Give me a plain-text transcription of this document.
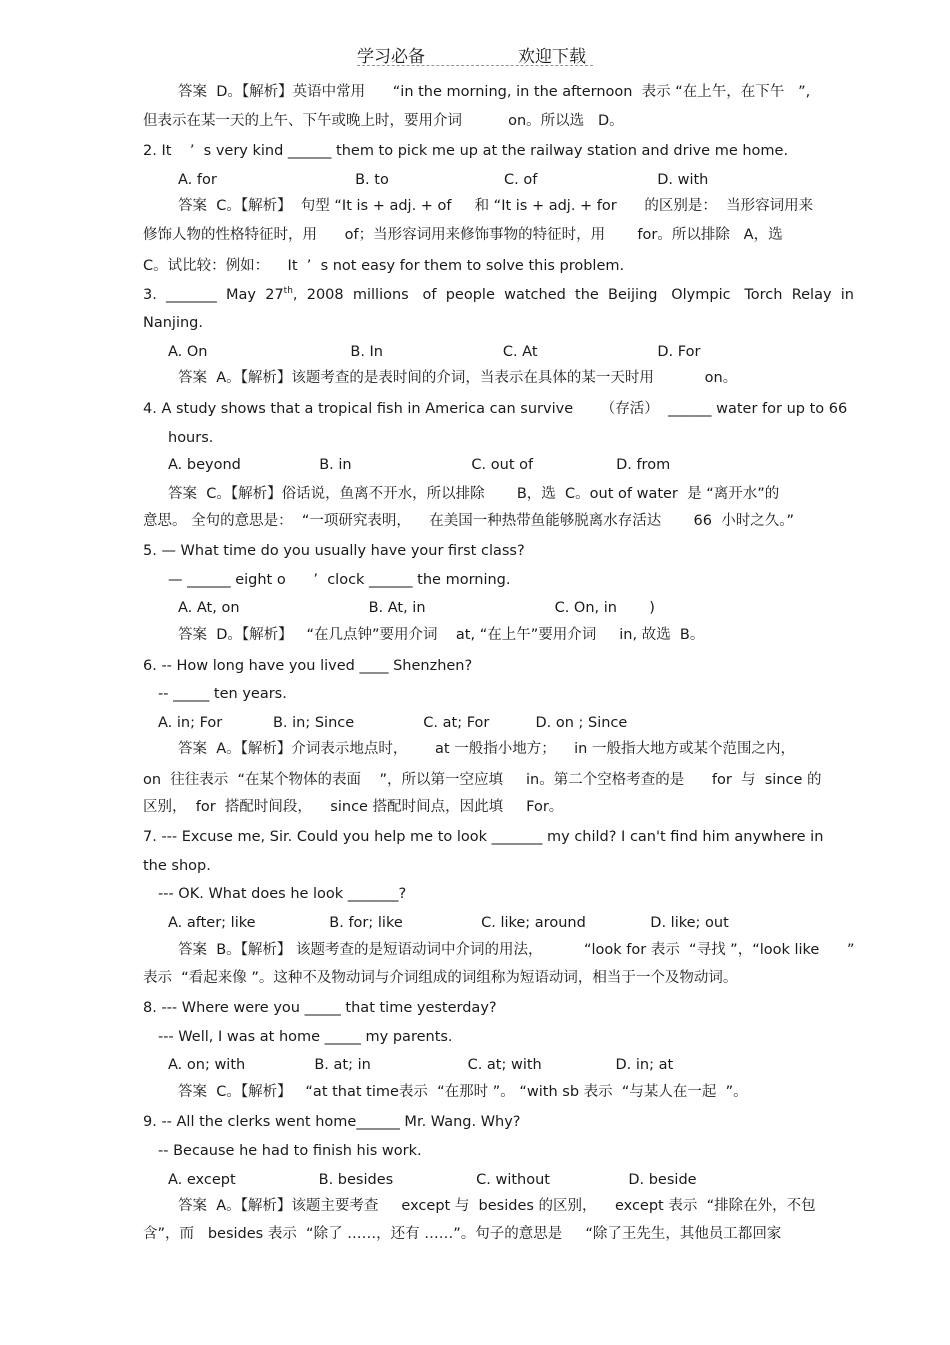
学习必备	欢迎下载
答案  D。【解析】英语中常用      “in the morning, in the afternoon  表示 “在上午，在下午   ”,
但表示在某一天的上午、下午或晚上时，要用介词          on。所以选   D。
2. It    ’  s very kind ______ them to pick me up at the railway station and drive me home.
A. for                              B. to                         C. of                          D. with
答案  C。【解析】  句型 “It is + adj. + of     和 “It is + adj. + for      的区别是：  当形容词用来
修饰人物的性格特征时，用      of；当形容词用来修饰事物的特征时，用       for。所以排除   A，选
C。试比较：例如：    It  ’  s not easy for them to solve this problem.
3.  _______  May  27th,  2008  millions   of  people  watched  the  Beijing   Olympic   Torch  Relay  in
Nanjing.
A. On                               B. In                          C. At                          D. For
答案  A。【解析】该题考查的是表时间的介词，当表示在具体的某一天时用           on。
4. A study shows that a tropical fish in America can survive      （存活）  ______ water for up to 66
hours.
A. beyond                 B. in                          C. out of                  D. from
答案  C。【解析】俗话说，鱼离不开水，所以排除       B，选  C。out of water  是 “离开水”的
意思。 全句的意思是：  “一项研究表明，    在美国一种热带鱼能够脱离水存活达       66  小时之久。”
5. — What time do you usually have your first class?
— ______ eight o      ’  clock ______ the morning.
A. At, on                            B. At, in                            C. On, in       )
答案  D。【解析】   “在几点钟”要用介词    at, “在上午”要用介词     in, 故选  B。
6. -- How long have you lived ____ Shenzhen?
-- _____ ten years.
A. in; For           B. in; Since               C. at; For          D. on ; Since
答案  A。【解析】介词表示地点时，      at 一般指小地方；    in 一般指大地方或某个范围之内，
on  往往表示  “在某个物体的表面    ”，所以第一空应填     in。第二个空格考查的是      for  与  since 的
区别，  for  搭配时间段，    since 搭配时间点，因此填     For。
7. --- Excuse me, Sir. Could you help me to look _______ my child? I can't find him anywhere in
the shop.
--- OK. What does he look _______?
A. after; like                B. for; like                 C. like; around              D. like; out
答案  B。【解析】 该题考查的是短语动词中介词的用法，         “look for 表示  “寻找 ”，“look like      ”
表示  “看起来像 ”。这种不及物动词与介词组成的词组称为短语动词，相当于一个及物动词。
8. --- Where were you _____ that time yesterday?
--- Well, I was at home _____ my parents.
A. on; with               B. at; in                     C. at; with                D. in; at
答案  C。【解析】   “at that time表示  “在那时 ”。 “with sb 表示  “与某人在一起  ”。
9. -- All the clerks went home______ Mr. Wang. Why?
-- Because he had to finish his work.
A. except                  B. besides                  C. without                 D. beside
答案  A。【解析】该题主要考查     except 与  besides 的区别，    except 表示  “排除在外，不包
含”，而   besides 表示  “除了 ……，还有 ……”。句子的意思是     “除了王先生，其他员工都回家
